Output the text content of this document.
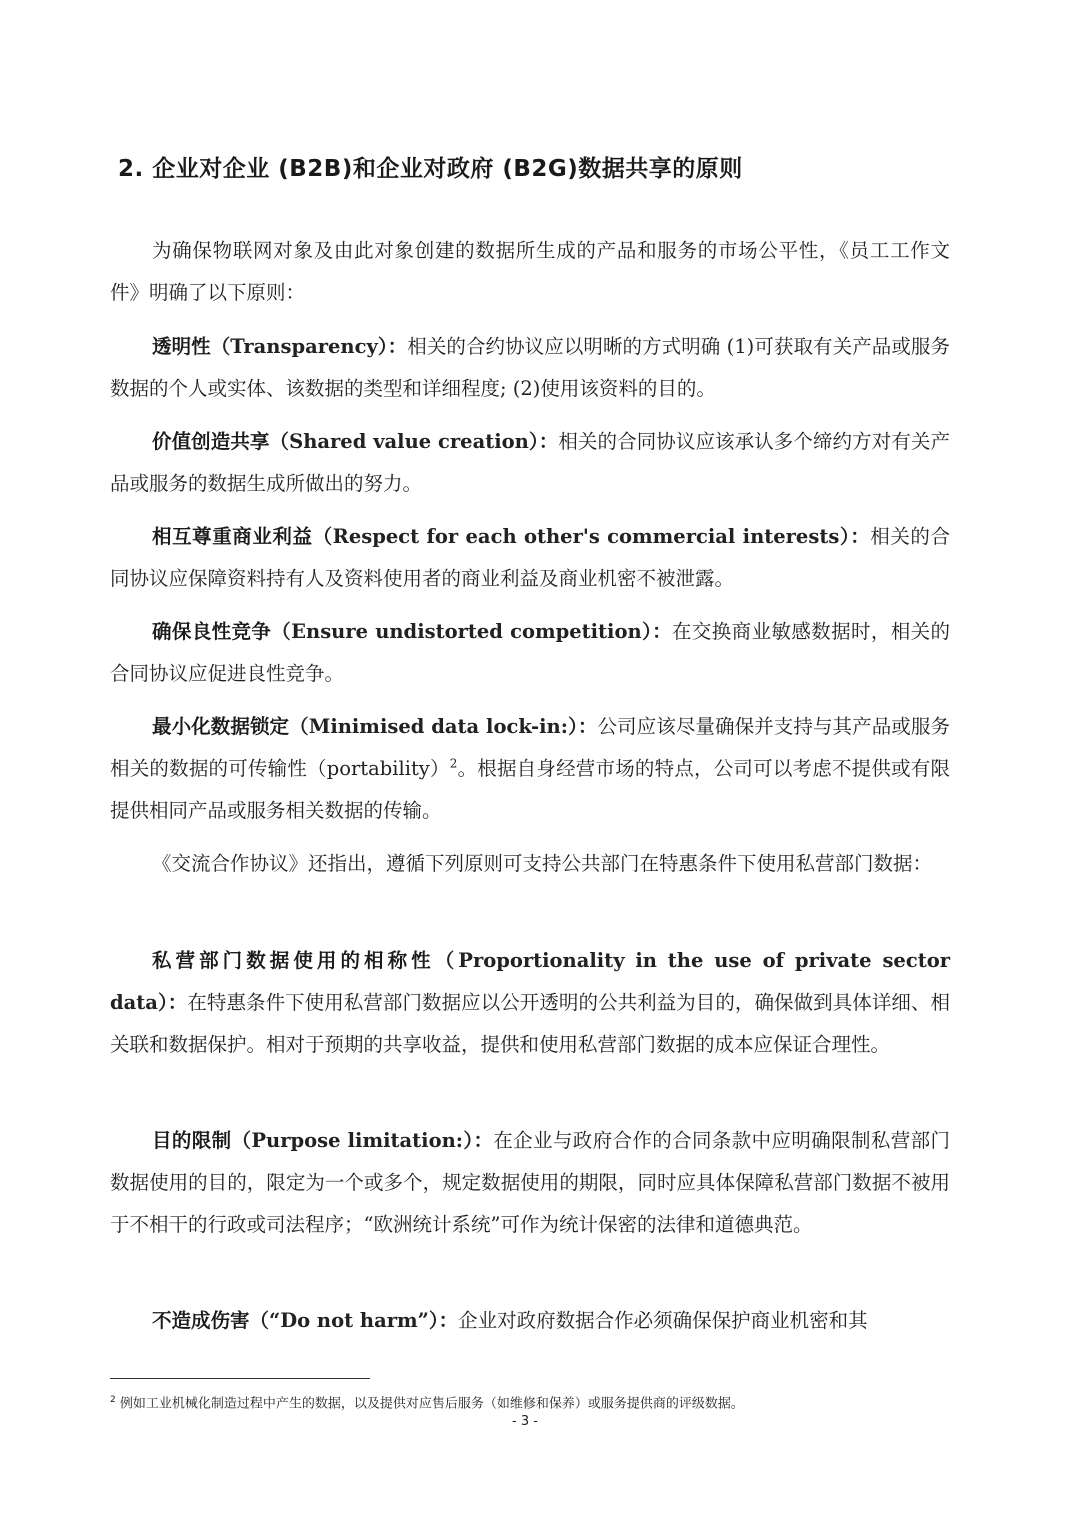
2. 企业对企业 (B2B)和企业对政府 (B2G)数据共享的原则

为确保物联网对象及由此对象创建的数据所生成的产品和服务的市场公平性，《员工工作文件》明确了以下原则：

透明性（Transparency）：相关的合约协议应以明晰的方式明确 (1)可获取有关产品或服务数据的个人或实体、该数据的类型和详细程度; (2)使用该资料的目的。

价值创造共享（Shared value creation）：相关的合同协议应该承认多个缔约方对有关产品或服务的数据生成所做出的努力。

相互尊重商业利益（Respect for each other's commercial interests）：相关的合同协议应保障资料持有人及资料使用者的商业利益及商业机密不被泄露。

确保良性竞争（Ensure undistorted competition）：在交换商业敏感数据时，相关的合同协议应促进良性竞争。

最小化数据锁定（Minimised data lock-in:）：公司应该尽量确保并支持与其产品或服务相关的数据的可传输性（portability）$^2$。根据自身经营市场的特点，公司可以考虑不提供或有限提供相同产品或服务相关数据的传输。

《交流合作协议》还指出，遵循下列原则可支持公共部门在特惠条件下使用私营部门数据：

私营部门数据使用的相称性（Proportionality in the use of private sector data）：在特惠条件下使用私营部门数据应以公开透明的公共利益为目的，确保做到具体详细、相关联和数据保护。相对于预期的共享收益，提供和使用私营部门数据的成本应保证合理性。

目的限制（Purpose limitation:）：在企业与政府合作的合同条款中应明确限制私营部门数据使用的目的，限定为一个或多个，规定数据使用的期限，同时应具体保障私营部门数据不被用于不相干的行政或司法程序；“欧洲统计系统”可作为统计保密的法律和道德典范。

不造成伤害（“Do not harm”）：企业对政府数据合作必须确保保护商业机密和其

$^2$ 例如工业机械化制造过程中产生的数据，以及提供对应售后服务（如维修和保养）或服务提供商的评级数据。

- 3 -
